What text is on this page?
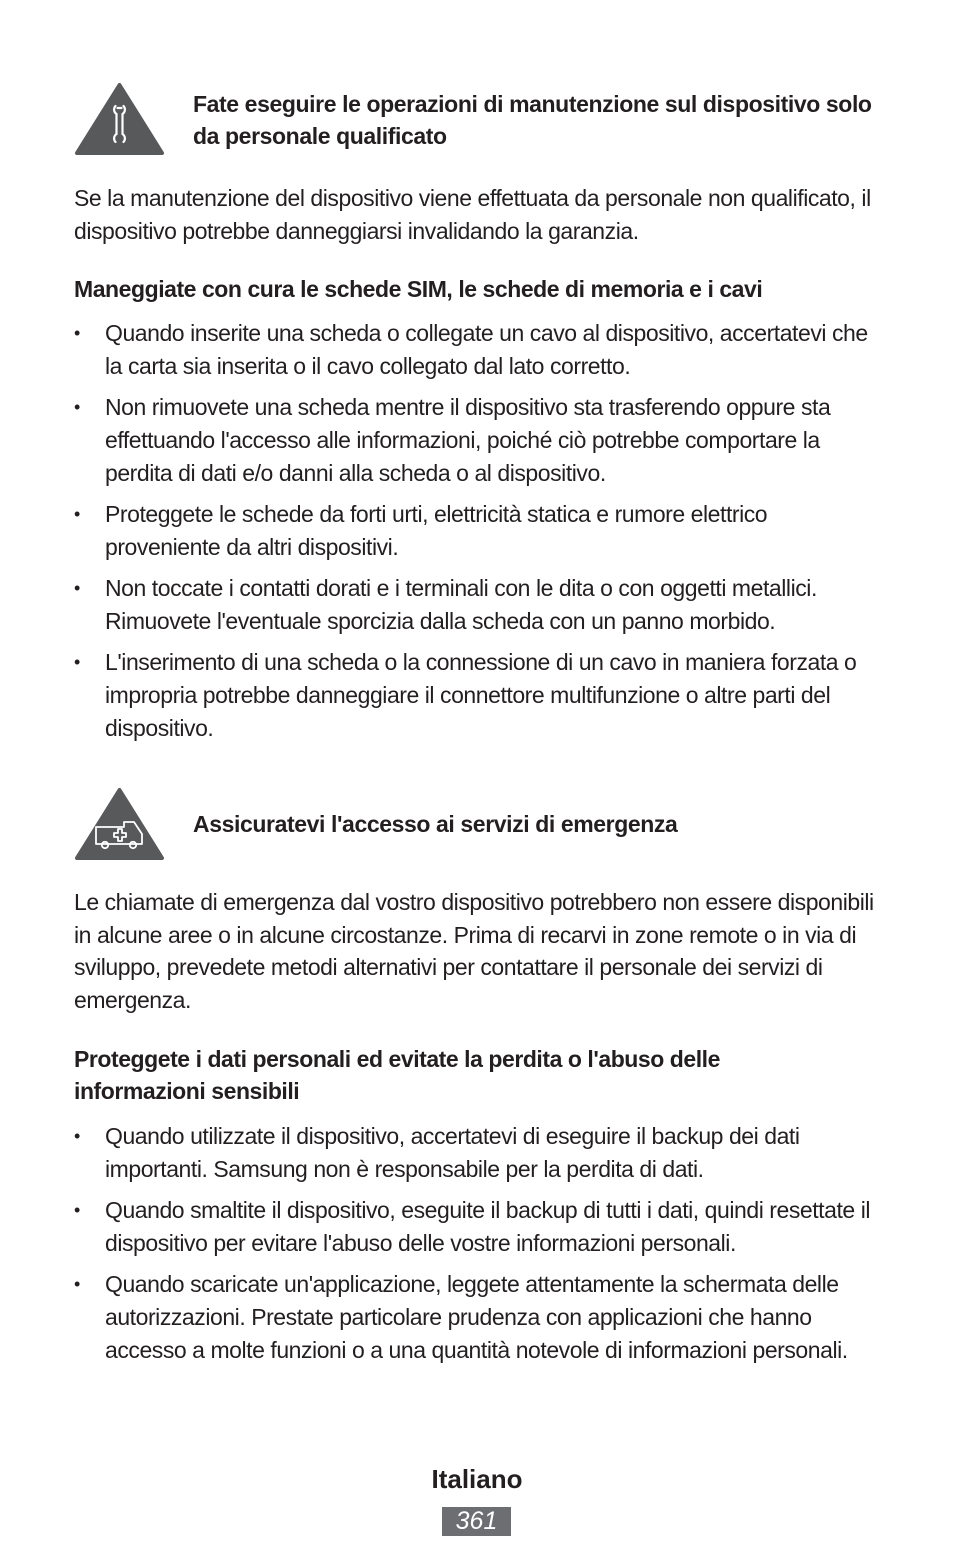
Fate eseguire le operazioni di manutenzione sul dispositivo solo da personale qualificato
Se la manutenzione del dispositivo viene effettuata da personale non qualificato, il dispositivo potrebbe danneggiarsi invalidando la garanzia.
Maneggiate con cura le schede SIM, le schede di memoria e i cavi
• Quando inserite una scheda o collegate un cavo al dispositivo, accertatevi che la carta sia inserita o il cavo collegato dal lato corretto.
• Non rimuovete una scheda mentre il dispositivo sta trasferendo oppure sta effettuando l'accesso alle informazioni, poiché ciò potrebbe comportare la perdita di dati e/o danni alla scheda o al dispositivo.
• Proteggete le schede da forti urti, elettricità statica e rumore elettrico proveniente da altri dispositivi.
• Non toccate i contatti dorati e i terminali con le dita o con oggetti metallici. Rimuovete l'eventuale sporcizia dalla scheda con un panno morbido.
• L'inserimento di una scheda o la connessione di un cavo in maniera forzata o impropria potrebbe danneggiare il connettore multifunzione o altre parti del dispositivo.
Assicuratevi l'accesso ai servizi di emergenza
Le chiamate di emergenza dal vostro dispositivo potrebbero non essere disponibili in alcune aree o in alcune circostanze. Prima di recarvi in zone remote o in via di sviluppo, prevedete metodi alternativi per contattare il personale dei servizi di emergenza.
Proteggete i dati personali ed evitate la perdita o l'abuso delle informazioni sensibili
• Quando utilizzate il dispositivo, accertatevi di eseguire il backup dei dati importanti. Samsung non è responsabile per la perdita di dati.
• Quando smaltite il dispositivo, eseguite il backup di tutti i dati, quindi resettate il dispositivo per evitare l'abuso delle vostre informazioni personali.
• Quando scaricate un'applicazione, leggete attentamente la schermata delle autorizzazioni. Prestate particolare prudenza con applicazioni che hanno accesso a molte funzioni o a una quantità notevole di informazioni personali.
Italiano
361
